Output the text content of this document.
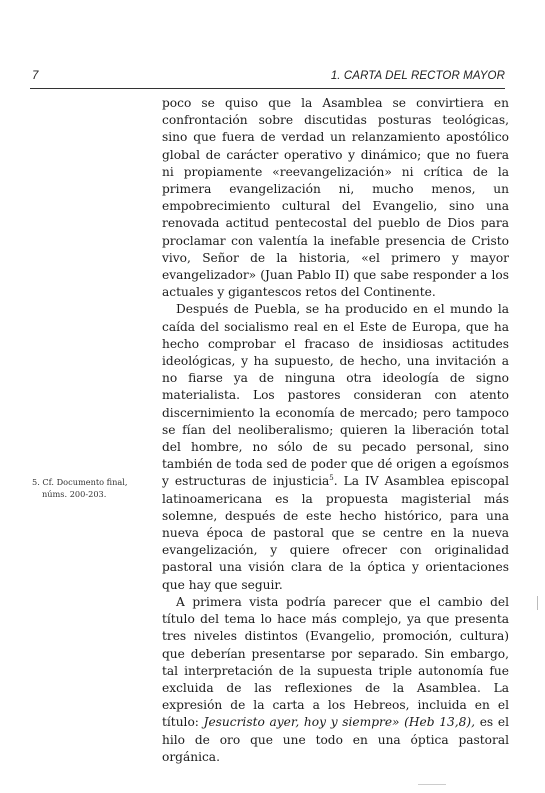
7	1. CARTA DEL RECTOR MAYOR
5. Cf. Documento final,
núms. 200-203.

poco se quiso que la Asamblea se convirtiera en confrontación sobre discutidas posturas teológicas, sino que fuera de verdad un relanzamiento apostólico global de carácter operativo y dinámico; que no fuera ni propiamente «reevangelización» ni crítica de la primera evangelización ni, mucho menos, un empobrecimiento cultural del Evangelio, sino una renovada actitud pentecostal del pueblo de Dios para proclamar con valentía la inefable presencia de Cristo vivo, Señor de la historia, «el primero y mayor evangelizador» (Juan Pablo II) que sabe responder a los actuales y gigantescos retos del Continente.

Después de Puebla, se ha producido en el mundo la caída del socialismo real en el Este de Europa, que ha hecho comprobar el fracaso de insidiosas actitudes ideológicas, y ha supuesto, de hecho, una invitación a no fiarse ya de ninguna otra ideología de signo materialista. Los pastores consideran con atento discernimiento la economía de mercado; pero tampoco se fían del neoliberalismo; quieren la liberación total del hombre, no sólo de su pecado personal, sino también de toda sed de poder que dé origen a egoísmos y estructuras de injusticia$^5$. La IV Asamblea episcopal latinoamericana es la propuesta magisterial más solemne, después de este hecho histórico, para una nueva época de pastoral que se centre en la nueva evangelización, y quiere ofrecer con originalidad pastoral una visión clara de la óptica y orientaciones que hay que seguir.

A primera vista podría parecer que el cambio del título del tema lo hace más complejo, ya que presenta tres niveles distintos (Evangelio, promoción, cultura) que deberían presentarse por separado. Sin embargo, tal interpretación de la supuesta triple autonomía fue excluida de las reflexiones de la Asamblea. La expresión de la carta a los Hebreos, incluida en el título: Jesucristo ayer, hoy y siempre» (Heb 13,8), es el hilo de oro que une todo en una óptica pastoral orgánica.
